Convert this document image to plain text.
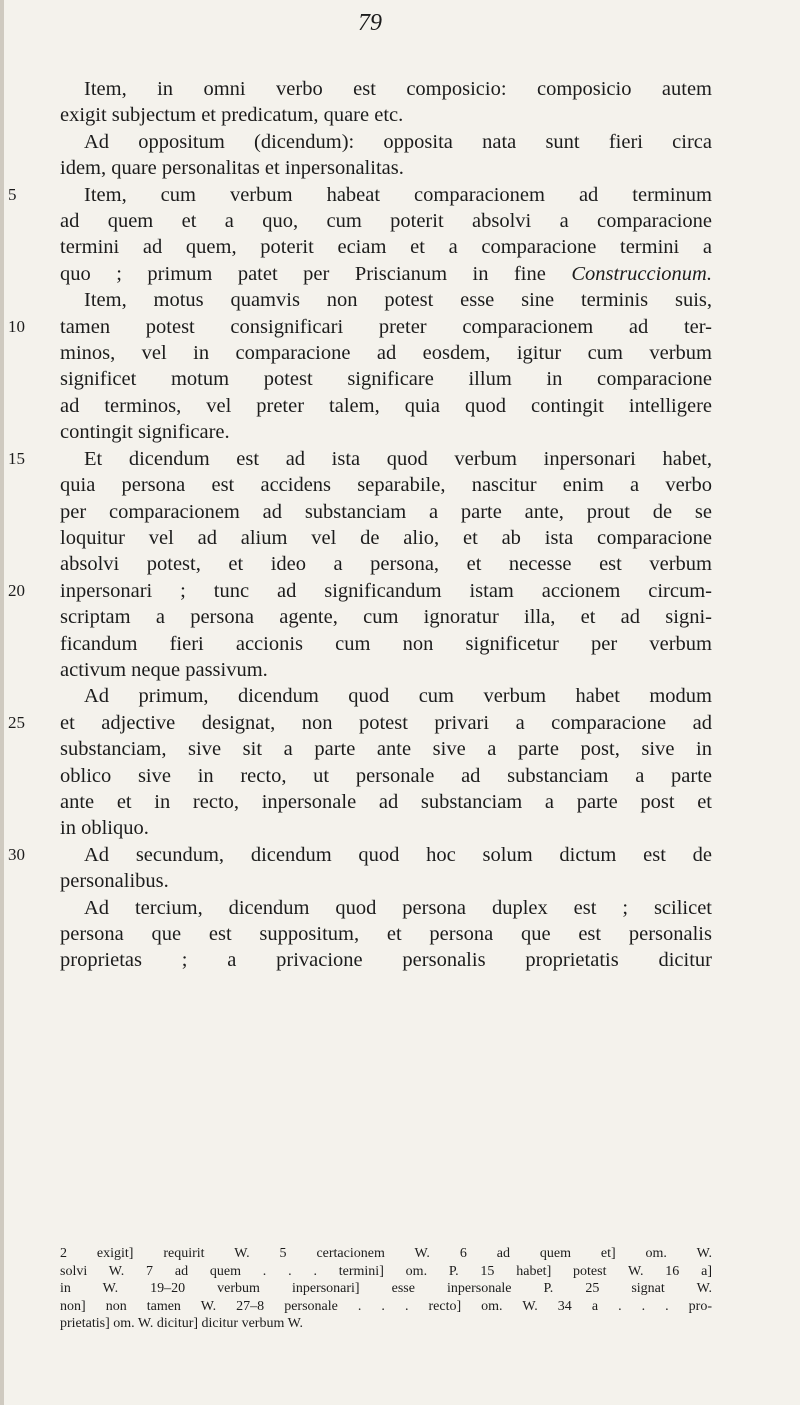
79
Item, in omni verbo est composicio: composicio autem
exigit subjectum et predicatum, quare etc.
Ad oppositum (dicendum): opposita nata sunt fieri circa
idem, quare personalitas et inpersonalitas.
5	Item, cum verbum habeat comparacionem ad terminum
ad quem et a quo, cum poterit absolvi a comparacione
termini ad quem, poterit eciam et a comparacione termini a
quo ; primum patet per Priscianum in fine Construccionum.
Item, motus quamvis non potest esse sine terminis suis,
10	tamen potest consignificari preter comparacionem ad ter-
minos, vel in comparacione ad eosdem, igitur cum verbum
significet motum potest significare illum in comparacione
ad terminos, vel preter talem, quia quod contingit intelligere
contingit significare.
15	Et dicendum est ad ista quod verbum inpersonari habet,
quia persona est accidens separabile, nascitur enim a verbo
per comparacionem ad substanciam a parte ante, prout de se
loquitur vel ad alium vel de alio, et ab ista comparacione
absolvi potest, et ideo a persona, et necesse est verbum
20	inpersonari ; tunc ad significandum istam accionem circum-
scriptam a persona agente, cum ignoratur illa, et ad signi-
ficandum fieri accionis cum non significetur per verbum
activum neque passivum.
Ad primum, dicendum quod cum verbum habet modum
25	et adjective designat, non potest privari a comparacione ad
substanciam, sive sit a parte ante sive a parte post, sive in
oblico sive in recto, ut personale ad substanciam a parte
ante et in recto, inpersonale ad substanciam a parte post et
in obliquo.
30	Ad secundum, dicendum quod hoc solum dictum est de
personalibus.
Ad tercium, dicendum quod persona duplex est ; scilicet
persona que est suppositum, et persona que est personalis
proprietas ; a privacione personalis proprietatis dicitur
2 exigit] requirit W. 5 certacionem W. 6 ad quem et] om. W.
solvi W. 7 ad quem . . . termini] om. P. 15 habet] potest W. 16 a]
in W. 19–20 verbum inpersonari] esse inpersonale P. 25 signat W.
non] non tamen W. 27–8 personale . . . recto] om. W. 34 a . . . pro-
prietatis] om. W. dicitur] dicitur verbum W.
